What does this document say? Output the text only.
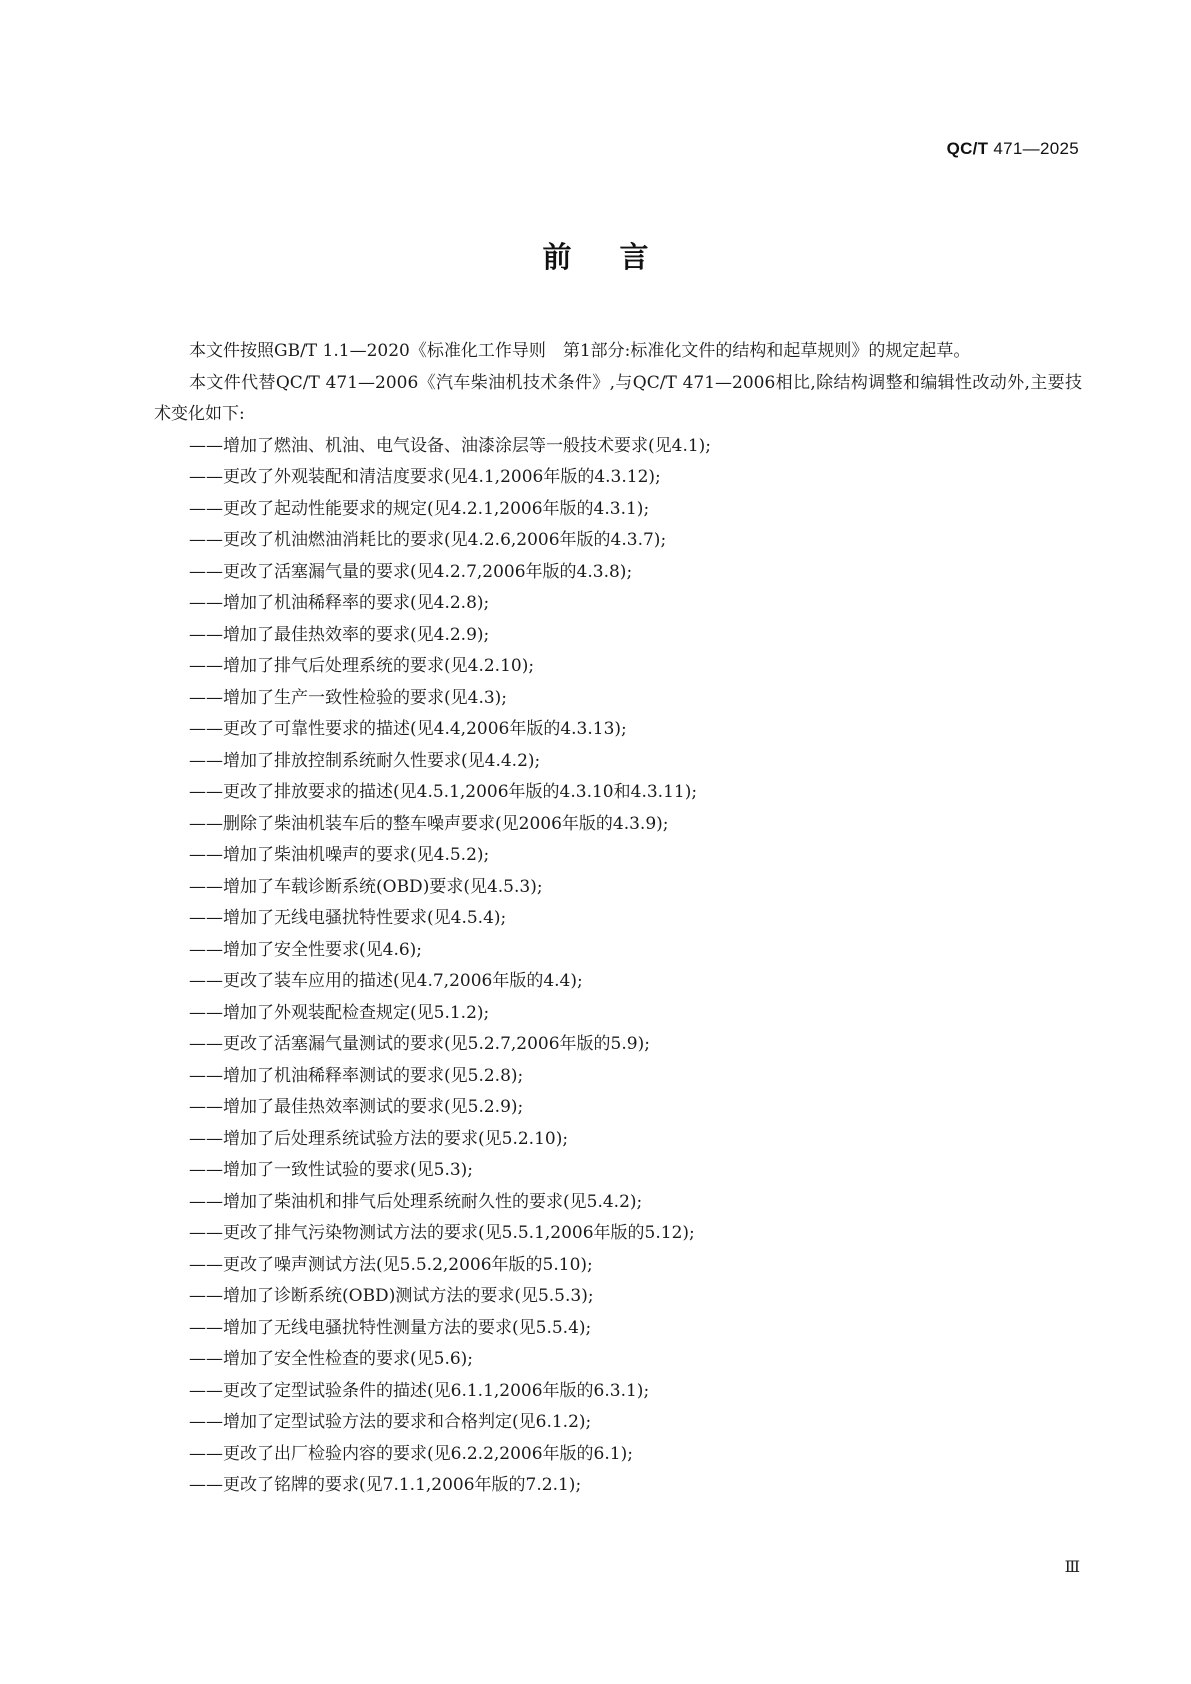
QC/T 471—2025
前言

本文件按照GB/T 1.1—2020《标准化工作导则　第1部分:标准化文件的结构和起草规则》的规定起草。

本文件代替QC/T 471—2006《汽车柴油机技术条件》,与QC/T 471—2006相比,除结构调整和编辑性改动外,主要技术变化如下:

——增加了燃油、机油、电气设备、油漆涂层等一般技术要求(见4.1);
——更改了外观装配和清洁度要求(见4.1,2006年版的4.3.12);
——更改了起动性能要求的规定(见4.2.1,2006年版的4.3.1);
——更改了机油燃油消耗比的要求(见4.2.6,2006年版的4.3.7);
——更改了活塞漏气量的要求(见4.2.7,2006年版的4.3.8);
——增加了机油稀释率的要求(见4.2.8);
——增加了最佳热效率的要求(见4.2.9);
——增加了排气后处理系统的要求(见4.2.10);
——增加了生产一致性检验的要求(见4.3);
——更改了可靠性要求的描述(见4.4,2006年版的4.3.13);
——增加了排放控制系统耐久性要求(见4.4.2);
——更改了排放要求的描述(见4.5.1,2006年版的4.3.10和4.3.11);
——删除了柴油机装车后的整车噪声要求(见2006年版的4.3.9);
——增加了柴油机噪声的要求(见4.5.2);
——增加了车载诊断系统(OBD)要求(见4.5.3);
——增加了无线电骚扰特性要求(见4.5.4);
——增加了安全性要求(见4.6);
——更改了装车应用的描述(见4.7,2006年版的4.4);
——增加了外观装配检查规定(见5.1.2);
——更改了活塞漏气量测试的要求(见5.2.7,2006年版的5.9);
——增加了机油稀释率测试的要求(见5.2.8);
——增加了最佳热效率测试的要求(见5.2.9);
——增加了后处理系统试验方法的要求(见5.2.10);
——增加了一致性试验的要求(见5.3);
——增加了柴油机和排气后处理系统耐久性的要求(见5.4.2);
——更改了排气污染物测试方法的要求(见5.5.1,2006年版的5.12);
——更改了噪声测试方法(见5.5.2,2006年版的5.10);
——增加了诊断系统(OBD)测试方法的要求(见5.5.3);
——增加了无线电骚扰特性测量方法的要求(见5.5.4);
——增加了安全性检查的要求(见5.6);
——更改了定型试验条件的描述(见6.1.1,2006年版的6.3.1);
——增加了定型试验方法的要求和合格判定(见6.1.2);
——更改了出厂检验内容的要求(见6.2.2,2006年版的6.1);
——更改了铭牌的要求(见7.1.1,2006年版的7.2.1);
Ⅲ
